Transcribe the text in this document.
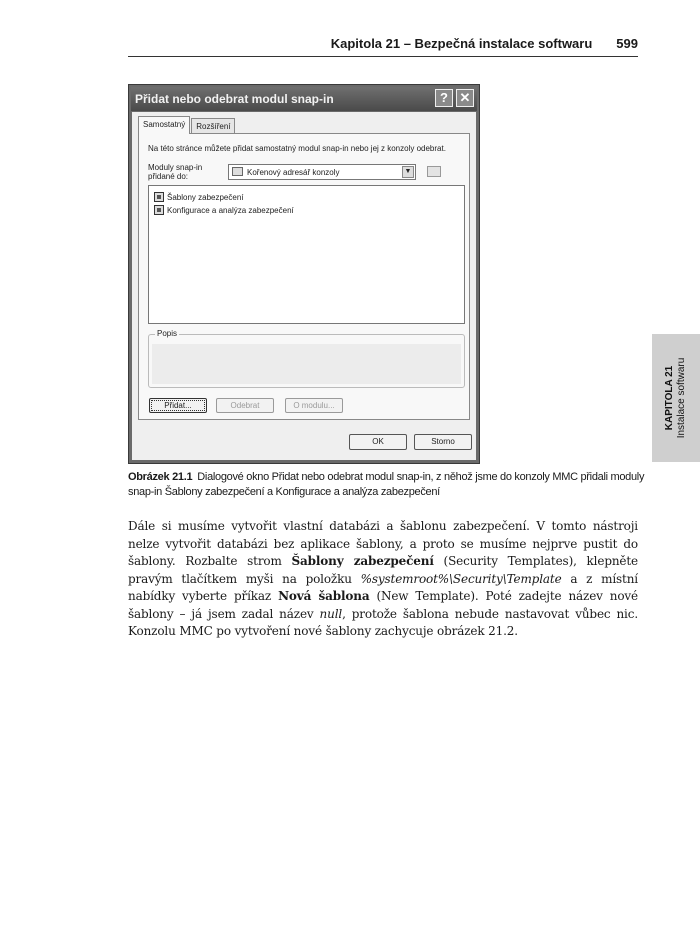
Kapitola 21 – Bezpečná instalace softwaru 599
KAPITOLA 21 Instalace softwaru
Přidat nebo odebrat modul snap-in	? ✕
Samostatný	Rozšíření
Na této stránce můžete přidat samostatný modul snap-in nebo jej z konzoly odebrat.
Moduly snap-in
přidané do:	Kořenový adresář konzoly	▼
Šablony zabezpečení
Konfigurace a analýza zabezpečení
Popis
Přidat...	Odebrat	O modulu...
OK	Storno
Obrázek 21.1 Dialogové okno Přidat nebo odebrat modul snap-in, z něhož jsme do konzoly MMC přidali moduly snap-in Šablony zabezpečení a Konfigurace a analýza zabezpečení

Dále si musíme vytvořit vlastní databázi a šablonu zabezpečení. V tomto nástroji nelze vytvořit databázi bez aplikace šablony, a proto se musíme nejprve pustit do šablony. Rozbalte strom Šablony zabezpečení (Security Templates), klepněte pravým tlačítkem myši na položku %systemroot%\Security\Template a z místní nabídky vyberte příkaz Nová šablona (New Template). Poté zadejte název nové šablony – já jsem zadal název null, protože šablona nebude nastavovat vůbec nic. Konzolu MMC po vytvoření nové šablony zachycuje obrázek 21.2.
